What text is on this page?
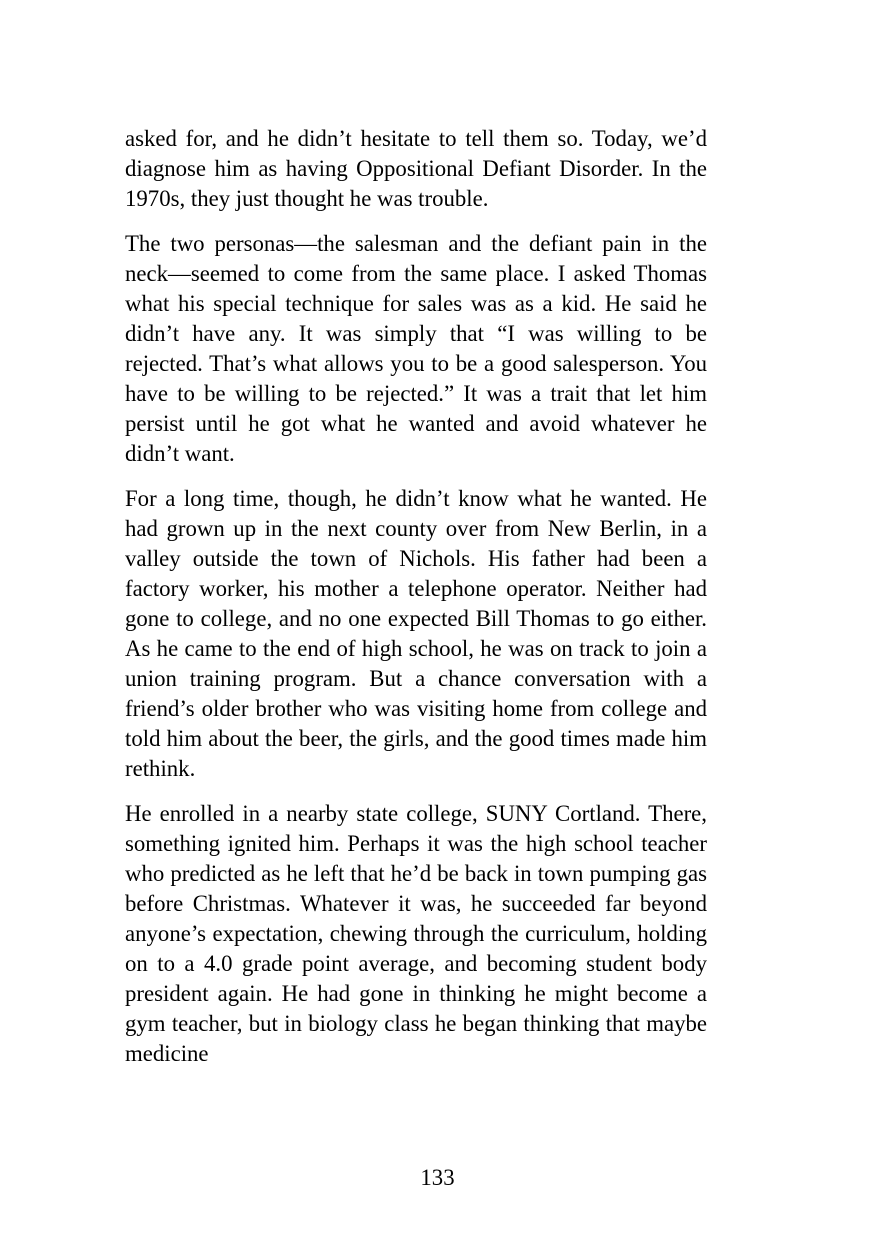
asked for, and he didn’t hesitate to tell them so. Today, we’d diagnose him as having Oppositional Defiant Disorder. In the 1970s, they just thought he was trouble.

The two personas—the salesman and the defiant pain in the neck—seemed to come from the same place. I asked Thomas what his special technique for sales was as a kid. He said he didn’t have any. It was simply that “I was willing to be rejected. That’s what allows you to be a good salesperson. You have to be willing to be rejected.” It was a trait that let him persist until he got what he wanted and avoid whatever he didn’t want.

For a long time, though, he didn’t know what he wanted. He had grown up in the next county over from New Berlin, in a valley outside the town of Nichols. His father had been a factory worker, his mother a telephone operator. Neither had gone to college, and no one expected Bill Thomas to go either. As he came to the end of high school, he was on track to join a union training program. But a chance conversation with a friend’s older brother who was visiting home from college and told him about the beer, the girls, and the good times made him rethink.

He enrolled in a nearby state college, SUNY Cortland. There, something ignited him. Perhaps it was the high school teacher who predicted as he left that he’d be back in town pumping gas before Christmas. Whatever it was, he succeeded far beyond anyone’s expectation, chewing through the curriculum, holding on to a 4.0 grade point average, and becoming student body president again. He had gone in thinking he might become a gym teacher, but in biology class he began thinking that maybe medicine

133
